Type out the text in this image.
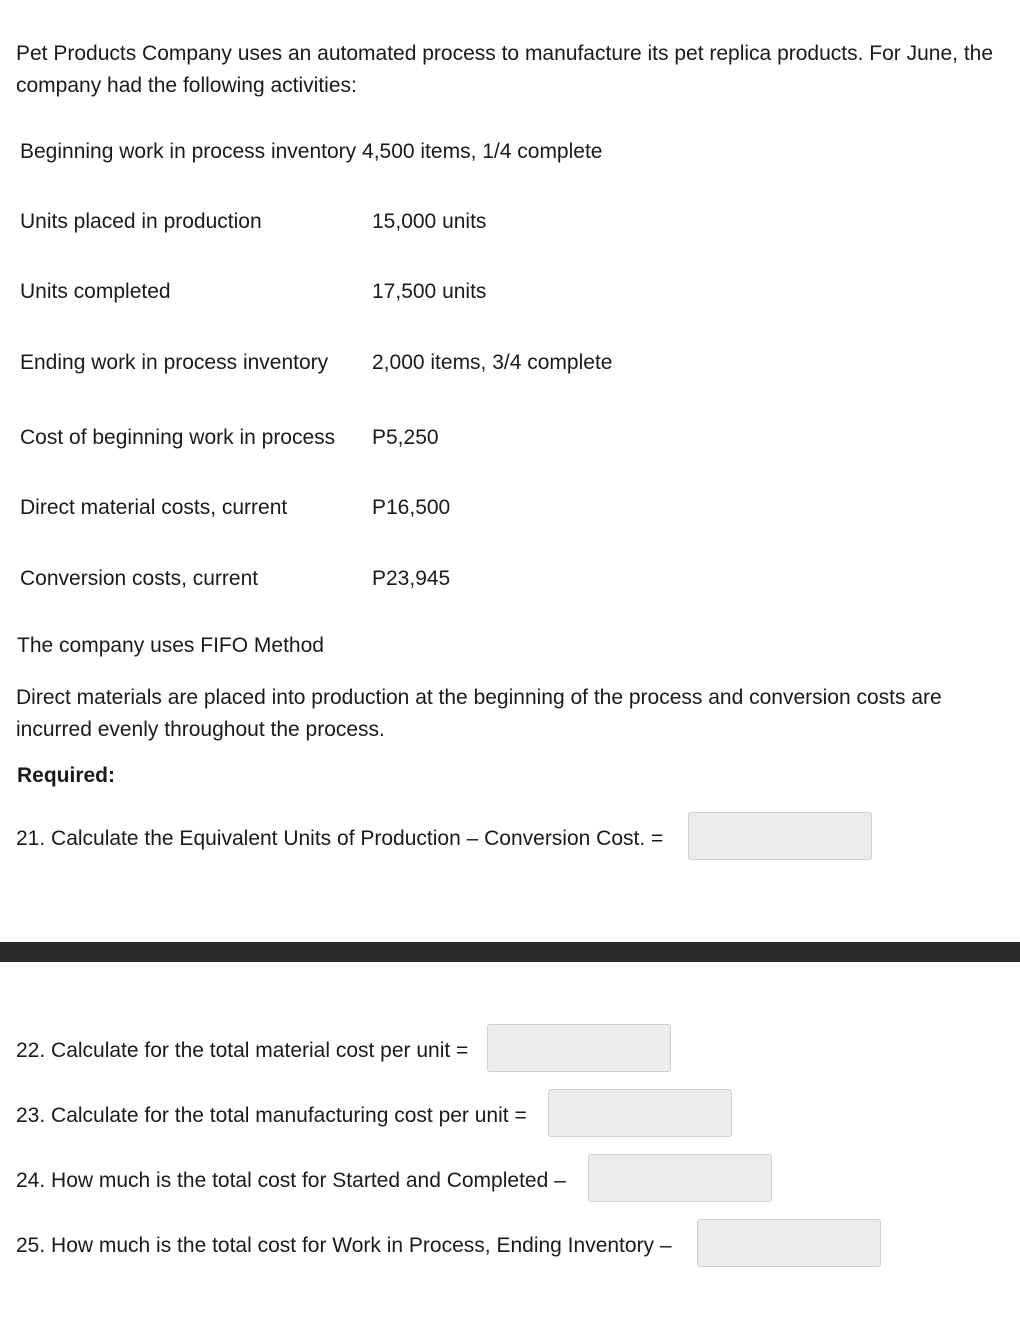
Pet Products Company uses an automated process to manufacture its pet replica products. For June, the company had the following activities:
Beginning work in process inventory 4,500 items, 1/4 complete
Units placed in production	15,000 units
Units completed	17,500 units
Ending work in process inventory 2,000 items, 3/4 complete
Cost of beginning work in process P5,250
Direct material costs, current	P16,500
Conversion costs, current	P23,945
The company uses FIFO Method
Direct materials are placed into production at the beginning of the process and conversion costs are incurred evenly throughout the process.
Required:
21. Calculate the Equivalent Units of Production – Conversion Cost. =
22. Calculate for the total material cost per unit =
23. Calculate for the total manufacturing cost per unit =
24. How much is the total cost for Started and Completed –
25. How much is the total cost for Work in Process, Ending Inventory –
